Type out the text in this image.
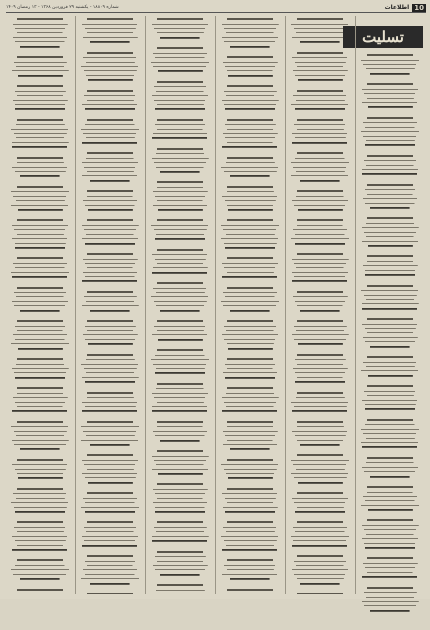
10
اطلاعات
شماره ۱۸۸۰۹ - یکشنبه ۲۹ فروردین ۱۳۶۸ - ۱۳ رمضان ۱۴۰۹

تسلیت
